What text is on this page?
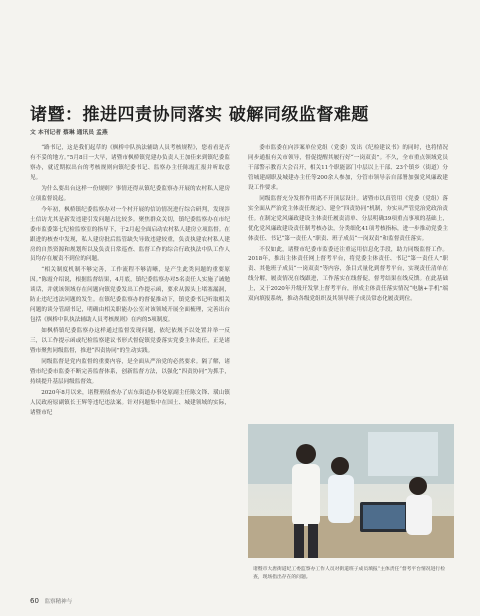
诸暨：推进四责协同落实 破解同级监督难题
文 本刊记者 蔡琳 通讯员 孟燕

“路书记，这是我们起草的《枫桥中队执法辅助人员考核规程》，您看看是否有不妥的地方。”5月8日一大早，诸暨市枫桥镇党建办负责人王加佳来到镇纪委监察办，就近期拟出台的考核规则向镇纪委书记、监察办主任陈霞汇报并听取意见。

为什么要出台这样一份规则？事情还得从镇纪委监察办开展的农村私人建房立项监督说起。

今年初，枫桥镇纪委监察办对一个村开展的信访情况进行综合研判，发现涉土信访尤其是新发违建引发问题占比较多。聚焦群众关切，镇纪委监察办在市纪委市监委第七纪检监察室的指导下，于2月起全面启动农村私人建房立项监督。在跟进的核查中发现，私人建房批后监管缺失导致违建较重，负责执建农村私人建房的自然资源和规划所以及负责日常巡查、监督工作的综合行政执法中队工作人员均存在履责不到位的问题。

“相关制度机制不够完善，工作流程不够清晰，是产生此类问题的重要原因。”陈霞介绍说，根据监督结果，4月底，镇纪委监察办对5名责任人实施了诫勉谈话，并就该领域存在问题向镇党委发出工作提示函，要求从源头上堵塞漏洞，防止违纪违法问题的发生。在镇纪委监察办的督促推动下，镇党委书记听取相关问题的谈分管副书记，明确由相关职能办公室对该领域开展全面梳理，完善出台包括《枫桥中队执法辅助人员考核规则》在内的5项制度。

如枫桥镇纪委监察办这样通过监督发现问题，依纪依规予以处置并举一反三，以工作提示函或纪检监察建议书形式督促镇党委落实党委主体责任，正是诸暨市聚焦同级监督，推进“四责协同”的生动实践。

同级监督是党内监督的重要内容，是全面从严治党的必然要求。隔了解，诸暨市纪委市监委不断完善监督体系，创新监督方法，以强化“四责协同”为抓手，持续提升基层同级监督效。

2020年8月以来，诸暨刑侦查办了店东街道办事处原副主任陈文锋、璜山镇人民政府原副镇长王辉等违纪违法案。针对问题集中在国土、城建领域的实际，诸暨市纪

委市监委在向涉案单位党组（党委）发出《纪检建议书》的同时，也将情况同步通报有关市领导，督促提醒其履行好“一岗双责”。不久，全市重点领域党员干部警示教育大会召开，相关11个职能部门中层以上干部、23个镇乡（街道）分管城建副职及城建办主任等200余人参加，分管市领导亲自部署加强党风廉政建设工作要求。

同级监督充分发挥作用离不开顶层设计。诸暨市以真管用《党委（党组）落实全面从严治党主体责任规定》、建全“四责协同”机制，夯实从严管党治党政治责任。在制定党风廉政建设主体责任履责清单、分层明确39项重点事项的基础上，优化党风廉政建设责任制考核办法，分类细化41项考核指标，进一步推动党委主体责任、书记“第一责任人”职责、班子成员“一岗双责”和监督责任落实。

不仅如此，诸暨市纪委市监委还注重运用信息化手段，助力同级监督工作。2018年，推出主体责任网上督考平台，将党委主体责任、书记“第一责任人”职责、其他班子成员“一岗双责”等内容，条目式量化到督考平台，实现责任清单在线分解，履责情况在线跟进，工作落实在线督促，督考结果在线反馈。在此基础上，又于2020年升级开发掌上督考平台，形成主体责任落实情况“电脑+手机”端双向填报系统，推动各级党组织及其领导班子成员常态化履责到位。

诸暨市大唐街道纪工委监察办工作人员对街道班子成员填报“主体责任”督考平台情况进行检查，现场指出存在的问题。
60 监察精神与
